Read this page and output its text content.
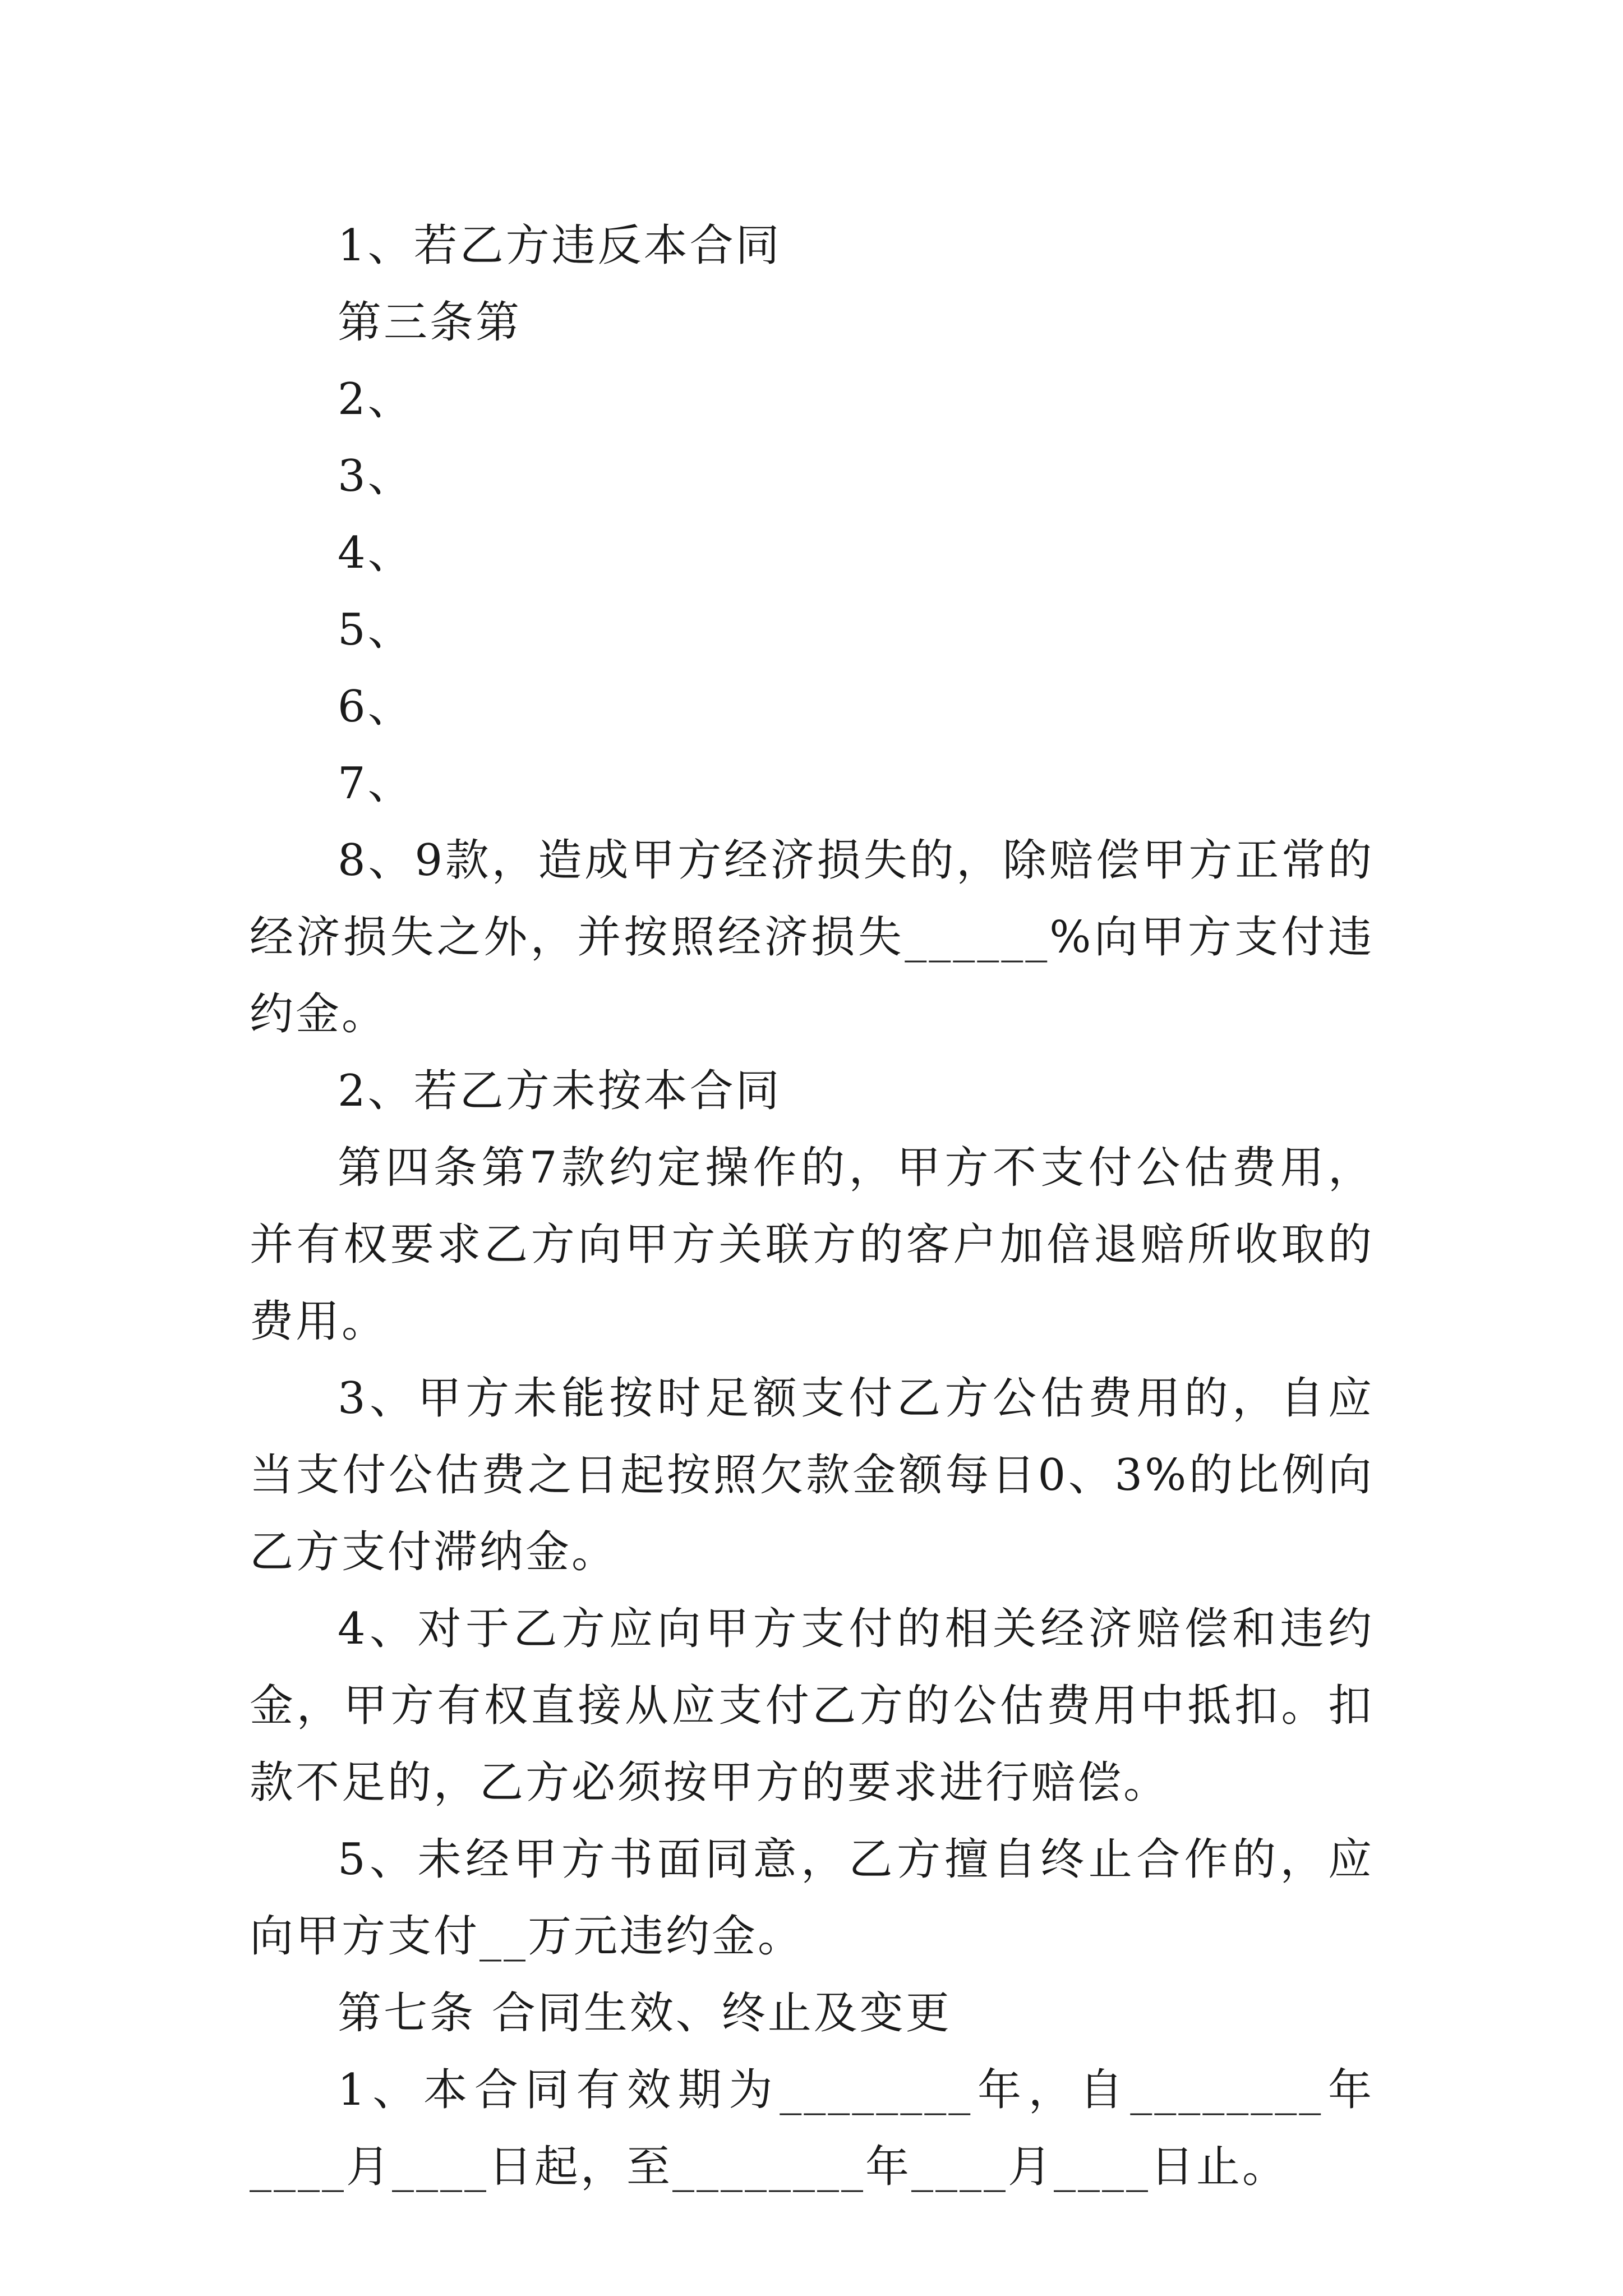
1、若乙方违反本合同

第三条第

2、

3、

4、

5、

6、

7、

8、9款，造成甲方经济损失的，除赔偿甲方正常的经济损失之外，并按照经济损失______%向甲方支付违约金。

2、若乙方未按本合同

第四条第7款约定操作的，甲方不支付公估费用，并有权要求乙方向甲方关联方的客户加倍退赔所收取的费用。

3、甲方未能按时足额支付乙方公估费用的，自应当支付公估费之日起按照欠款金额每日0、3%的比例向乙方支付滞纳金。

4、对于乙方应向甲方支付的相关经济赔偿和违约金，甲方有权直接从应支付乙方的公估费用中抵扣。扣款不足的，乙方必须按甲方的要求进行赔偿。

5、未经甲方书面同意，乙方擅自终止合作的，应向甲方支付__万元违约金。

第七条 合同生效、终止及变更

1、本合同有效期为________年，自________年____月____日起，至________年____月____日止。
